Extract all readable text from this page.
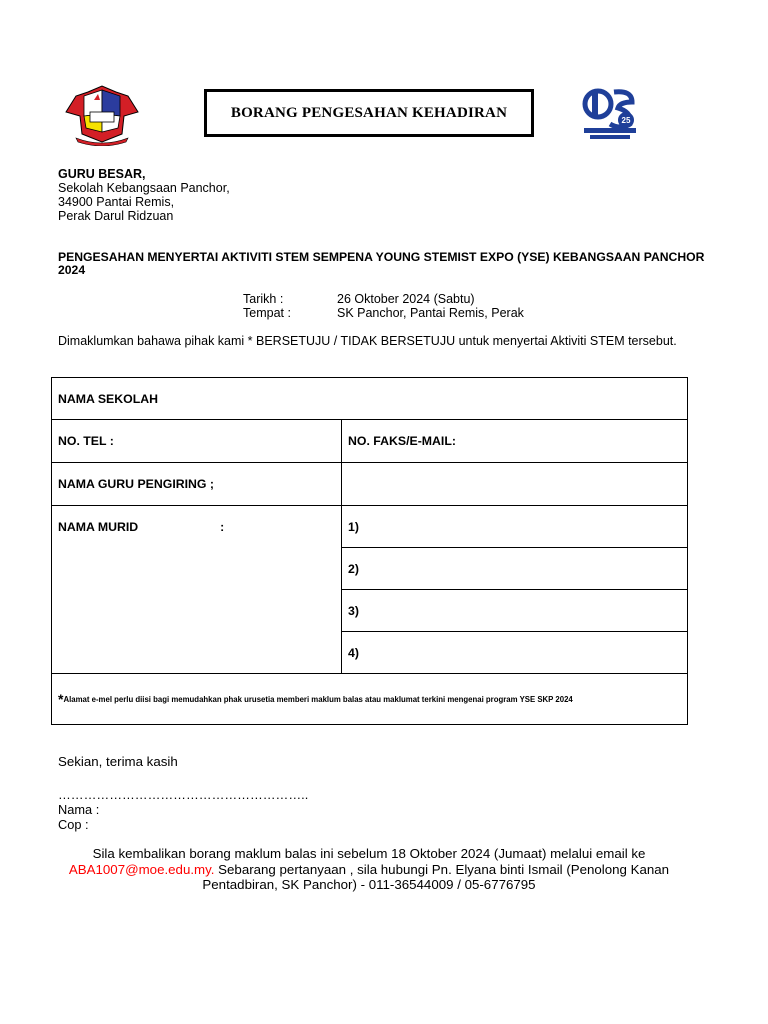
BORANG PENGESAHAN KEHADIRAN	25
GURU BESAR,
Sekolah Kebangsaan Panchor,
34900 Pantai Remis,
Perak Darul Ridzuan
PENGESAHAN MENYERTAI AKTIVITI STEM SEMPENA YOUNG STEMIST EXPO (YSE) KEBANGSAAN PANCHOR 2024
Tarikh :	26 Oktober 2024 (Sabtu)
Tempat :	SK Panchor, Pantai Remis, Perak
Dimaklumkan bahawa pihak kami * BERSETUJU / TIDAK BERSETUJU untuk menyertai Aktiviti STEM tersebut.
NAMA SEKOLAH	
NO. TEL :	NO. FAKS/E-MAIL:
NAMA GURU PENGIRING ;	
NAMA MURID :	1)
	2)
	3)
	4)
*Alamat e-mel perlu diisi bagi memudahkan phak urusetia memberi maklum balas atau maklumat terkini mengenai program YSE SKP 2024	
Sekian, terima kasih
…………………………………………………..
Nama :
Cop :
Sila kembalikan borang maklum balas ini sebelum 18 Oktober 2024 (Jumaat) melalui email ke
ABA1007@moe.edu.my. Sebarang pertanyaan , sila hubungi Pn. Elyana binti Ismail (Penolong Kanan Pentadbiran, SK Panchor) - 011-36544009 / 05-6776795
